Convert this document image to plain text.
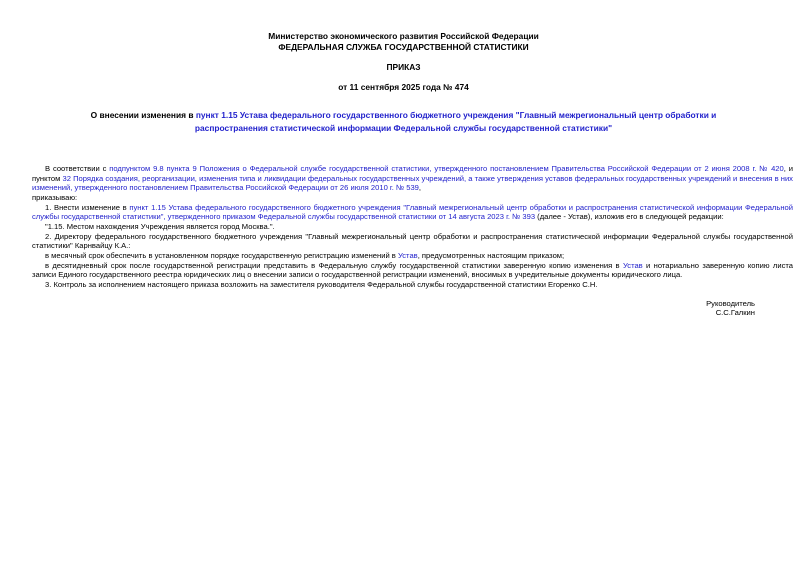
Министерство экономического развития Российской Федерации
ФЕДЕРАЛЬНАЯ СЛУЖБА ГОСУДАРСТВЕННОЙ СТАТИСТИКИ
ПРИКАЗ
от 11 сентября 2025 года № 474
О внесении изменения в пункт 1.15 Устава федерального государственного бюджетного учреждения "Главный межрегиональный центр обработки и распространения статистической информации Федеральной службы государственной статистики"

В соответствии с подпунктом 9.8 пункта 9 Положения о Федеральной службе государственной статистики, утвержденного постановлением Правительства Российской Федерации от 2 июня 2008 г. № 420, и пунктом 32 Порядка создания, реорганизации, изменения типа и ликвидации федеральных государственных учреждений, а также утверждения уставов федеральных государственных учреждений и внесения в них изменений, утвержденного постановлением Правительства Российской Федерации от 26 июля 2010 г. № 539,

приказываю:

1. Внести изменение в пункт 1.15 Устава федерального государственного бюджетного учреждения "Главный межрегиональный центр обработки и распространения статистической информации Федеральной службы государственной статистики", утвержденного приказом Федеральной службы государственной статистики от 14 августа 2023 г. № 393 (далее - Устав), изложив его в следующей редакции:

"1.15. Местом нахождения Учреждения является город Москва.".

2. Директору федерального государственного бюджетного учреждения "Главный межрегиональный центр обработки и распространения статистической информации Федеральной службы государственной статистики" Карнвайцу К.А.:

в месячный срок обеспечить в установленном порядке государственную регистрацию изменений в Устав, предусмотренных настоящим приказом;

в десятидневный срок после государственной регистрации представить в Федеральную службу государственной статистики заверенную копию изменения в Устав и нотариально заверенную копию листа записи Единого государственного реестра юридических лиц о внесении записи о государственной регистрации изменений, вносимых в учредительные документы юридического лица.

3. Контроль за исполнением настоящего приказа возложить на заместителя руководителя Федеральной службы государственной статистики Егоренко С.Н.

Руководитель
С.С.Галкин
